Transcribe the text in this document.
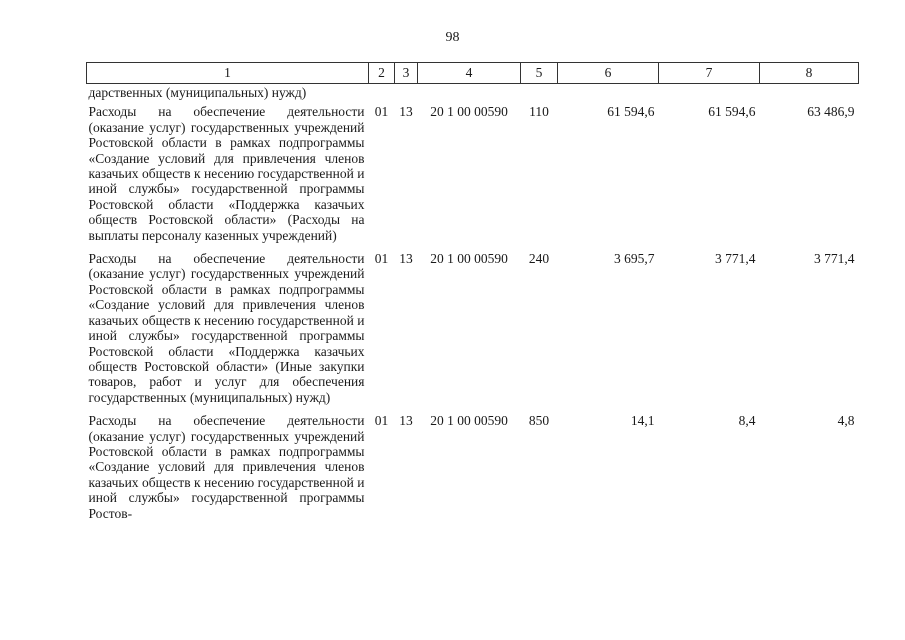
98
1	2	3	4	5	6	7	8
дарственных (муниципальных) нужд)							
Расходы на обеспечение деятельности (оказание услуг) государственных учреждений Ростовской области в рамках подпрограммы «Создание условий для привлечения членов казачьих обществ к несению государственной и иной службы» государственной программы Ростовской области «Поддержка казачьих обществ Ростовской области» (Расходы на выплаты персоналу казенных учреждений)	01	13	20 1 00 00590	110	61 594,6	61 594,6	63 486,9
Расходы на обеспечение деятельности (оказание услуг) государственных учреждений Ростовской области в рамках подпрограммы «Создание условий для привлечения членов казачьих обществ к несению государственной и иной службы» государственной программы Ростовской области «Поддержка казачьих обществ Ростовской области» (Иные закупки товаров, работ и услуг для обеспечения государственных (муниципальных) нужд)	01	13	20 1 00 00590	240	3 695,7	3 771,4	3 771,4
Расходы на обеспечение деятельности (оказание услуг) государственных учреждений Ростовской области в рамках подпрограммы «Создание условий для привлечения членов казачьих обществ к несению государственной и иной службы» государственной программы Ростов-	01	13	20 1 00 00590	850	14,1	8,4	4,8
